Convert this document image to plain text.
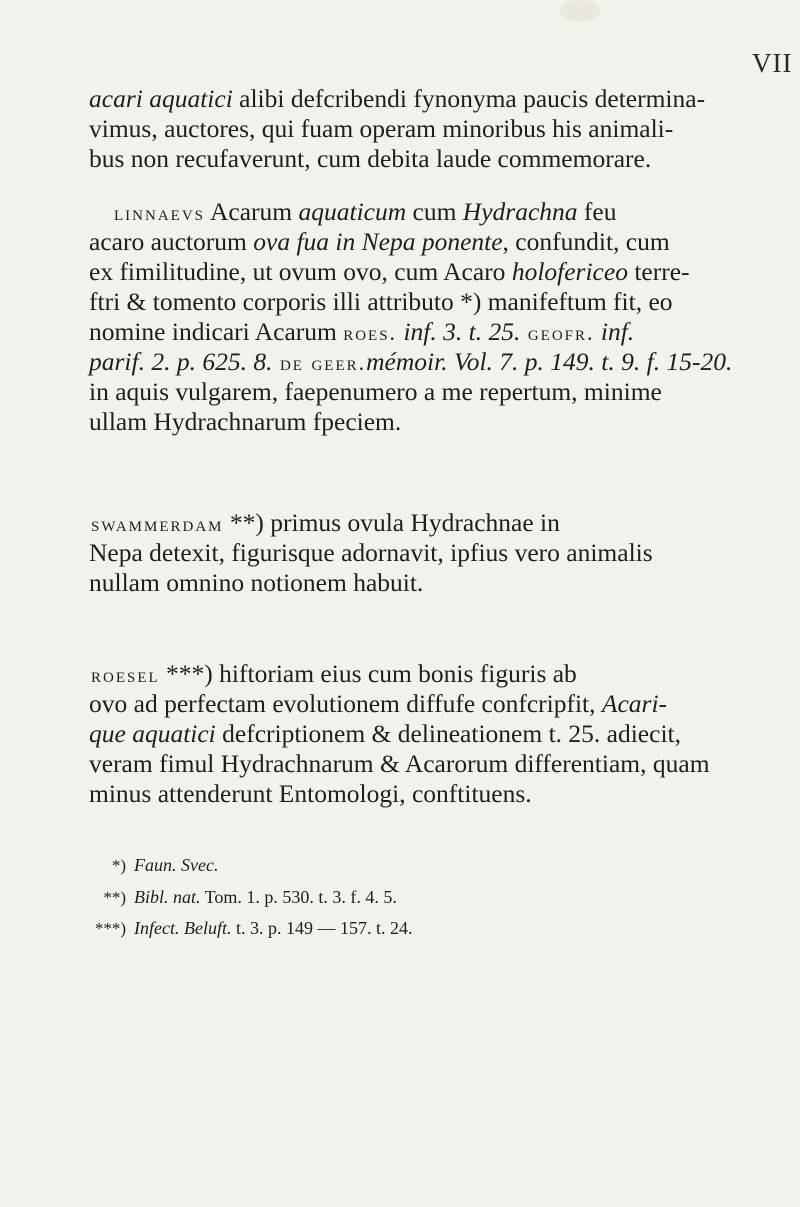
VII
acari aquatici alibi defcribendi fynonyma paucis determina-
vimus, auctores, qui fuam operam minoribus his animali-
bus non recufaverunt, cum debita laude commemorare.
linnaevs Acarum aquaticum cum Hydrachna feu
acaro auctorum ova fua in Nepa ponente, confundit, cum
ex fimilitudine, ut ovum ovo, cum Acaro holofericeo terre-
ftri & tomento corporis illi attributo *) manifeftum fit, eo
nomine indicari Acarum roes. inf. 3. t. 25. geofr. inf.
parif. 2. p. 625. 8. de geer.mémoir. Vol. 7. p. 149. t. 9. f. 15-20.
in aquis vulgarem, faepenumero a me repertum, minime
ullam Hydrachnarum fpeciem.
swammerdam **) primus ovula Hydrachnae in
Nepa detexit, figurisque adornavit, ipfius vero animalis
nullam omnino notionem habuit.
roesel ***) hiftoriam eius cum bonis figuris ab
ovo ad perfectam evolutionem diffufe confcripfit, Acari-
que aquatici defcriptionem & delineationem t. 25. adiecit,
veram fimul Hydrachnarum & Acarorum differentiam, quam
minus attenderunt Entomologi, conftituens.
*) Faun. Svec.
**) Bibl. nat. Tom. 1. p. 530. t. 3. f. 4. 5.
***) Infect. Beluft. t. 3. p. 149 — 157. t. 24.
